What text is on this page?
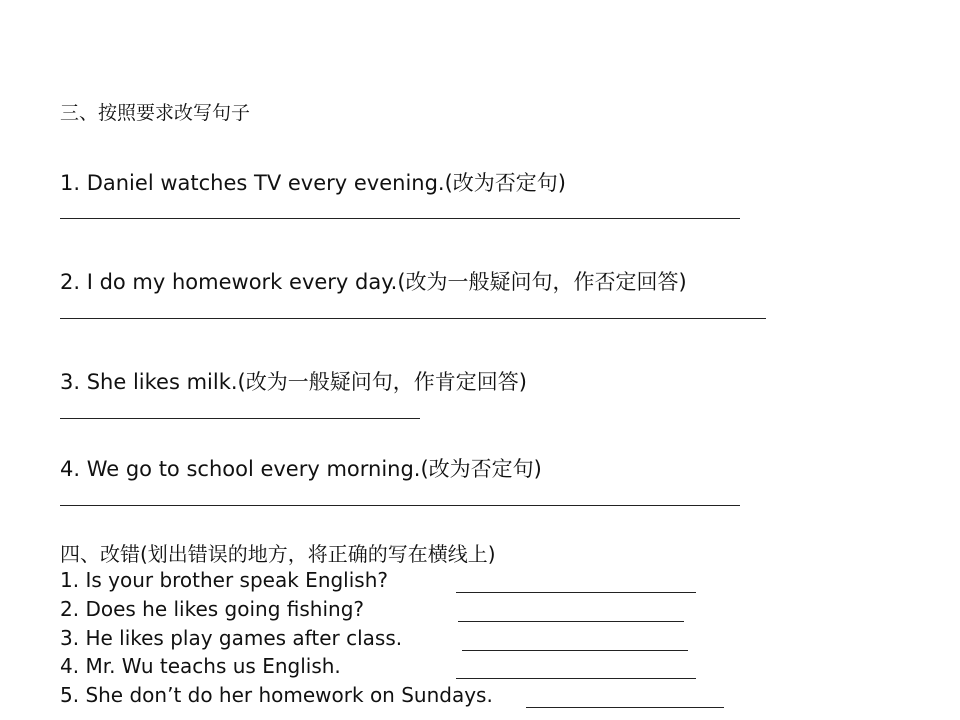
三、按照要求改写句子
1. Daniel watches TV every evening.(改为否定句)
2. I do my homework every day.(改为一般疑问句，作否定回答)
3. She likes milk.(改为一般疑问句，作肯定回答)
4. We go to school every morning.(改为否定句)
四、改错(划出错误的地方，将正确的写在横线上)
1. Is your brother speak English?
2. Does he likes going fishing?
3. He likes play games after class.
4. Mr. Wu teachs us English.
5. She don’t do her homework on Sundays.
